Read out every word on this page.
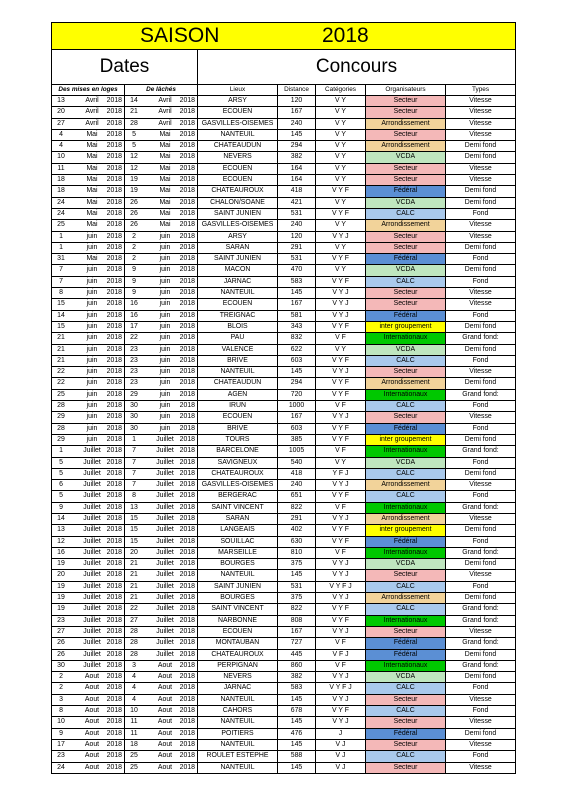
SAISON 2018						

Dates		Concours				
Des mises en loges	De lâchés	Lieux	Distance	Catégories	Organisateurs	Types

13 Avril 2018	14 Avril 2018	ARSY	120	V Y	Secteur	Vitesse

20 Avril 2018	21 Avril 2018	ECOUEN	167	V Y	Secteur	Vitesse

27 Avril 2018	28 Avril 2018	GASVILLES-OISEMES	240	V Y	Arrondissement	Vitesse

4 Mai 2018	5 Mai 2018	NANTEUIL	145	V Y	Secteur	Vitesse

4 Mai 2018	5 Mai 2018	CHATEAUDUN	294	V Y	Arrondissement	Demi fond

10 Mai 2018	12 Mai 2018	NEVERS	382	V Y	VCDA	Demi fond

11 Mai 2018	12 Mai 2018	ECOUEN	164	V Y	Secteur	Vitesse

18 Mai 2018	19 Mai 2018	ECOUEN	164	V Y	Secteur	Vitesse

18 Mai 2018	19 Mai 2018	CHATEAUROUX	418	V Y F	Fédéral	Demi fond

24 Mai 2018	26 Mai 2018	CHALON/SOANE	421	V Y	VCDA	Demi fond

24 Mai 2018	26 Mai 2018	SAINT JUNIEN	531	V Y F	CALC	Fond

25 Mai 2018	26 Mai 2018	GASVILLES-OISEMES	240	V Y	Arrondissement	Vitesse

1 juin 2018	2 juin 2018	ARSY	120	V Y J	Secteur	Vitesse

1 juin 2018	2 juin 2018	SARAN	291	V Y	Secteur	Demi fond

31 Mai 2018	2 juin 2018	SAINT JUNIEN	531	V Y F	Fédéral	Fond

7 juin 2018	9 juin 2018	MACON	470	V Y	VCDA	Demi fond

7 juin 2018	9 juin 2018	JARNAC	583	V Y F	CALC	Fond

8 juin 2018	9 juin 2018	NANTEUIL	145	V Y J	Secteur	Vitesse

15 juin 2018	16 juin 2018	ECOUEN	167	V Y J	Secteur	Vitesse

14 juin 2018	16 juin 2018	TREIGNAC	581	V Y J	Fédéral	Fond

15 juin 2018	17 juin 2018	BLOIS	343	V Y F	inter groupement	Demi fond

21 juin 2018	22 juin 2018	PAU	832	V F	Internationaux	Grand fond:

21 juin 2018	23 juin 2018	VALENCE	622	V Y	VCDA	Demi fond

21 juin 2018	23 juin 2018	BRIVE	603	V Y F	CALC	Fond

22 juin 2018	23 juin 2018	NANTEUIL	145	V Y J	Secteur	Vitesse

22 juin 2018	23 juin 2018	CHATEAUDUN	294	V Y F	Arrondissement	Demi fond

25 juin 2018	29 juin 2018	AGEN	720	V Y F	Internationaux	Grand fond:

28 juin 2018	30 juin 2018	IRUN	1000	V F	CALC	Fond

29 juin 2018	30 juin 2018	ECOUEN	167	V Y J	Secteur	Vitesse

28 juin 2018	30 juin 2018	BRIVE	603	V Y F	Fédéral	Fond

29 juin 2018	1 Juillet 2018	TOURS	385	V Y F	inter groupement	Demi fond

1 Juillet 2018	7 Juillet 2018	BARCELONE	1005	V F	Internationaux	Grand fond:

5 Juillet 2018	7 Juillet 2018	SAVIGNEUX	540	V Y	VCDA	Fond

5 Juillet 2018	7 Juillet 2018	CHATEAUROUX	418	Y F J	CALC	Demi fond

6 Juillet 2018	7 Juillet 2018	GASVILLES-OISEMES	240	V Y J	Arrondissement	Vitesse

5 Juillet 2018	8 Juillet 2018	BERGERAC	651	V Y F	CALC	Fond

9 Juillet 2018	13 Juillet 2018	SAINT VINCENT	822	V F	Internationaux	Grand fond:

14 Juillet 2018	15 Juillet 2018	SARAN	291	V Y J	Arrondissement	Vitesse

13 Juillet 2018	15 Juillet 2018	LANGEAIS	402	V Y F	inter groupement	Demi fond

12 Juillet 2018	15 Juillet 2018	SOUILLAC	630	V Y F	Fédéral	Fond

16 Juillet 2018	20 Juillet 2018	MARSEILLE	810	V F	Internationaux	Grand fond:

19 Juillet 2018	21 Juillet 2018	BOURGES	375	V Y J	VCDA	Demi fond

20 Juillet 2018	21 Juillet 2018	NANTEUIL	145	V Y J	Secteur	Vitesse

19 Juillet 2018	21 Juillet 2018	SAINT JUNIEN	531	V Y F J	CALC	Fond

19 Juillet 2018	21 Juillet 2018	BOURGES	375	V Y J	Arrondissement	Demi fond

19 Juillet 2018	22 Juillet 2018	SAINT VINCENT	822	V Y F	CALC	Grand fond:

23 Juillet 2018	27 Juillet 2018	NARBONNE	808	V Y F	Internationaux	Grand fond:

27 Juillet 2018	28 Juillet 2018	ECOUEN	167	V Y J	Secteur	Vitesse

26 Juillet 2018	28 Juillet 2018	MONTAUBAN	727	V F	Fédéral	Grand fond:

26 Juillet 2018	28 Juillet 2018	CHATEAUROUX	445	V F J	Fédéral	Demi fond

30 Juillet 2018	3 Aout 2018	PERPIGNAN	860	V F	Internationaux	Grand fond:

2 Aout 2018	4 Aout 2018	NEVERS	382	V Y J	VCDA	Demi fond

2 Aout 2018	4 Aout 2018	JARNAC	583	V Y F J	CALC	Fond

3 Aout 2018	4 Aout 2018	NANTEUIL	145	V Y J	Secteur	Vitesse

8 Aout 2018	10 Aout 2018	CAHORS	678	V Y F	CALC	Fond

10 Aout 2018	11 Aout 2018	NANTEUIL	145	V Y J	Secteur	Vitesse

9 Aout 2018	11 Aout 2018	POITIERS	476	J	Fédéral	Demi fond

17 Aout 2018	18 Aout 2018	NANTEUIL	145	V J	Secteur	Vitesse

23 Aout 2018	25 Aout 2018	ROULET ESTEPHE	588	V J	CALC	Fond

24 Aout 2018	25 Aout 2018	NANTEUIL	145	V J	Secteur	Vitesse
